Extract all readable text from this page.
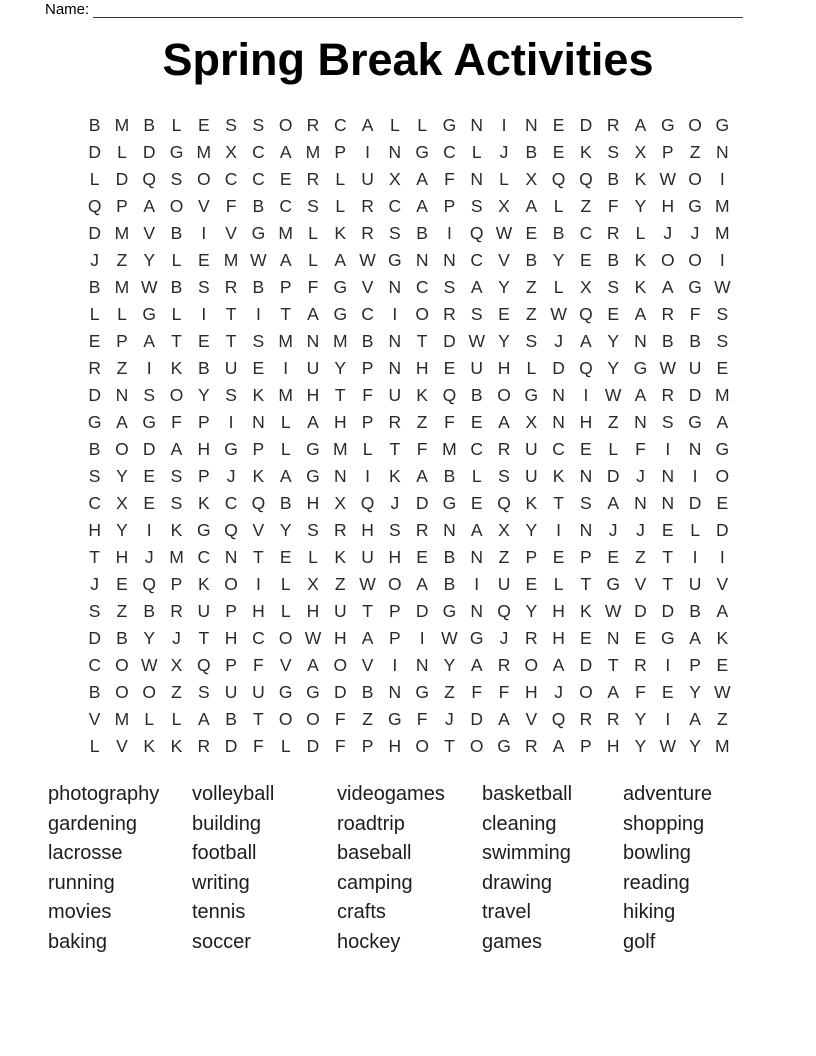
Name:
Spring Break Activities
B M B L E S S O R C A L	L G N	I	N E D R A G O G
D L D G M X C A M P	I	N G C L	J B E K S X P Z N
L D Q S O C C E R L U X A F N L X Q Q B K W O	I
Q P A O V F B C S L R C A P S X A L Z F Y H G M
D M V B	I	V G M L K R S B	I	Q W E B C R L	J	J M
J	Z Y L E M W A L A W G N N C V B Y E B K O O	I
B M W B S R B P F G V N C S A Y Z L X S K A G W
L	L G L	I	T	I	T A G C	I	O R S E Z W Q E A R F S
E P A T E T S M N M B N T D W Y S J A Y N B B S
R Z	I	K B U E	I	U Y P N H E U H L D Q Y G W U E
D N S O Y S K M H T F U K Q B O G N	I W A R D M
G A G F P	I	N L A H P R Z F E A X N H Z N S G A
B O D A H G P L G M L T F M C R U C E L F	I	N G
S Y E S P J K A G N	I	K A B L S U K N D J N	I	O
C X E S K C Q B H X Q J D G E Q K T S A N N D E
H Y	I	K G Q V Y S R H S R N A X Y	I	N J	J E L D
T H J M C N T E L K U H E B N Z P E P E Z T	I	I
J E Q P K O	I	L X Z W O A B	I	U E L T G V T U V
S Z B R U P H L H U T P D G N Q Y H K W D D B A
D B Y J	T H C O W H A P	I W G J R H E N E G A K
C O W X Q P F V A O V	I	N Y A R O A D T R	I	P E
B O O Z S U U G G D B N G Z F F H J O A F E Y W
V M L	L A B T O O F Z G F	J D A V Q R R Y	I	A Z
L V K K R D F L D F P H O T O G R A P H Y W Y M
photography
gardening
lacrosse
running
movies
baking
volleyball
building
football
writing
tennis
soccer
videogames
roadtrip
baseball
camping
crafts
hockey
basketball
cleaning
swimming
drawing
travel
games
adventure
shopping
bowling
reading
hiking
golf
